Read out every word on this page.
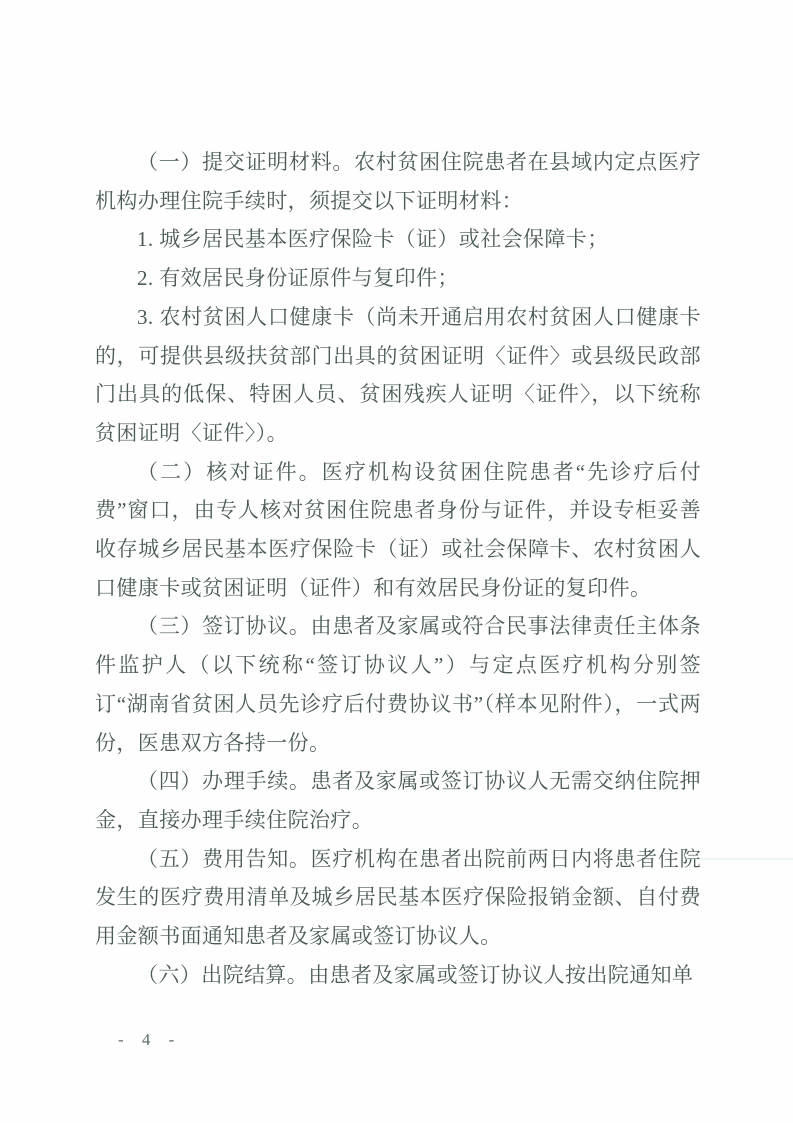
（一）提交证明材料。农村贫困住院患者在县域内定点医疗机构办理住院手续时，须提交以下证明材料：

1. 城乡居民基本医疗保险卡（证）或社会保障卡；

2. 有效居民身份证原件与复印件；

3. 农村贫困人口健康卡（尚未开通启用农村贫困人口健康卡的，可提供县级扶贫部门出具的贫困证明〈证件〉或县级民政部门出具的低保、特困人员、贫困残疾人证明〈证件〉，以下统称贫困证明〈证件〉）。

（二）核对证件。医疗机构设贫困住院患者“先诊疗后付费”窗口，由专人核对贫困住院患者身份与证件，并设专柜妥善收存城乡居民基本医疗保险卡（证）或社会保障卡、农村贫困人口健康卡或贫困证明（证件）和有效居民身份证的复印件。

（三）签订协议。由患者及家属或符合民事法律责任主体条件监护人（以下统称“签订协议人”）与定点医疗机构分别签订“湖南省贫困人员先诊疗后付费协议书”（样本见附件），一式两份，医患双方各持一份。

（四）办理手续。患者及家属或签订协议人无需交纳住院押金，直接办理手续住院治疗。

（五）费用告知。医疗机构在患者出院前两日内将患者住院发生的医疗费用清单及城乡居民基本医疗保险报销金额、自付费用金额书面通知患者及家属或签订协议人。

（六）出院结算。由患者及家属或签订协议人按出院通知单

- 4 -
